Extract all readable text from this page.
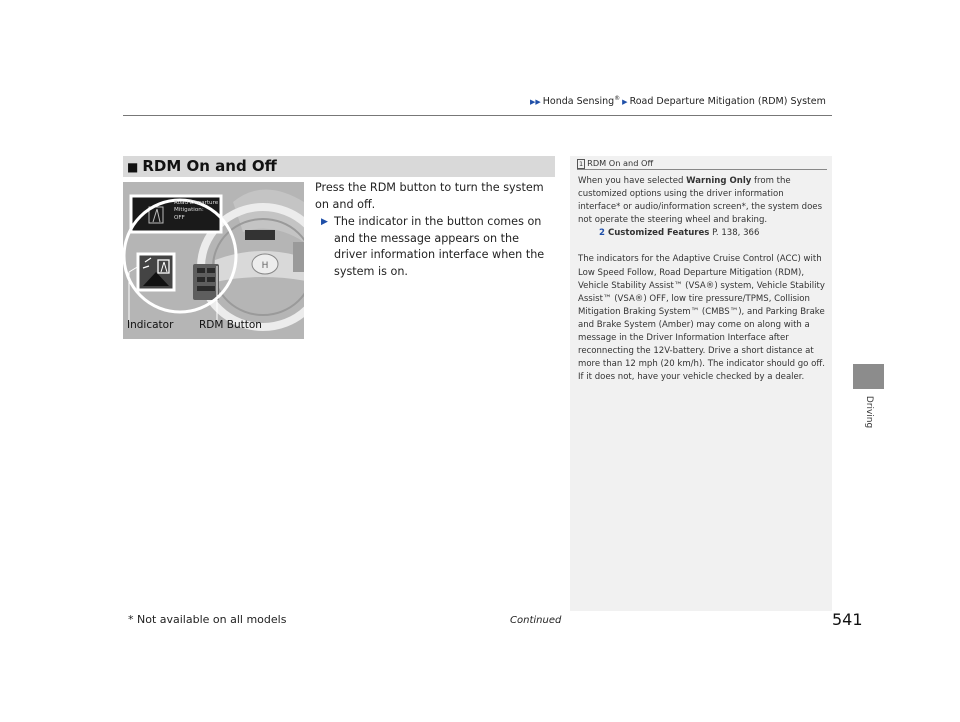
▶▶ Honda Sensing® ▶ Road Departure Mitigation (RDM) System
Driving
■ RDM On and Off
H
Road Departure
Mitigation:
OFF
Indicator RDM Button

Press the RDM button to turn the system on and off.

▶ The indicator in the button comes on and the message appears on the driver information interface when the system is on.
1 RDM On and Off

When you have selected Warning Only from the customized options using the driver information interface* or audio/information screen*, the system does not operate the steering wheel and braking.

2 Customized Features P. 138, 366

The indicators for the Adaptive Cruise Control (ACC) with Low Speed Follow, Road Departure Mitigation (RDM), Vehicle Stability Assist™ (VSA®) system, Vehicle Stability Assist™ (VSA®) OFF, low tire pressure/TPMS, Collision Mitigation Braking System™ (CMBS™), and Parking Brake and Brake System (Amber) may come on along with a message in the Driver Information Interface after reconnecting the 12V-battery. Drive a short distance at more than 12 mph (20 km/h). The indicator should go off. If it does not, have your vehicle checked by a dealer.

* Not available on all models	Continued	541
